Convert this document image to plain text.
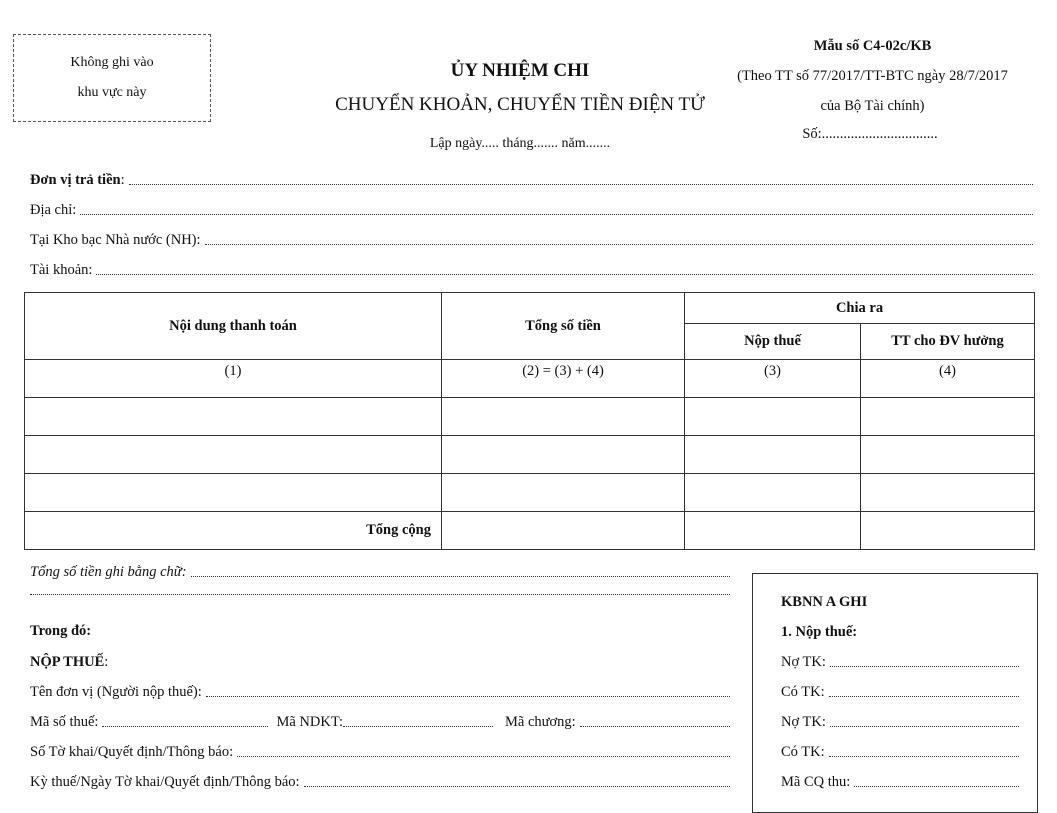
Không ghi vào
khu vực này
ỦY NHIỆM CHI
CHUYỂN KHOẢN, CHUYỂN TIỀN ĐIỆN TỬ
Lập ngày..... tháng....... năm.......
Mẫu số C4-02c/KB
(Theo TT số 77/2017/TT-BTC ngày 28/7/2017
của Bộ Tài chính)
Số:................................
Đơn vị trả tiền:
Địa chỉ:
Tại Kho bạc Nhà nước (NH):
Tài khoản:
Nội dung thanh toán	Tổng số tiền	Chia ra	
		Nộp thuế	TT cho ĐV hưởng
(1)	(2) = (3) + (4)	(3)	(4)

Tổng cộng			
Tổng số tiền ghi bằng chữ:
Trong đó:
NỘP THUẾ:
Tên đơn vị (Người nộp thuế):
Mã số thuế:	Mã NDKT:	Mã chương:
Số Tờ khai/Quyết định/Thông báo:
Kỳ thuế/Ngày Tờ khai/Quyết định/Thông báo:
KBNN A GHI
1. Nộp thuế:
Nợ TK:
Có TK:
Nợ TK:
Có TK:
Mã CQ thu:
